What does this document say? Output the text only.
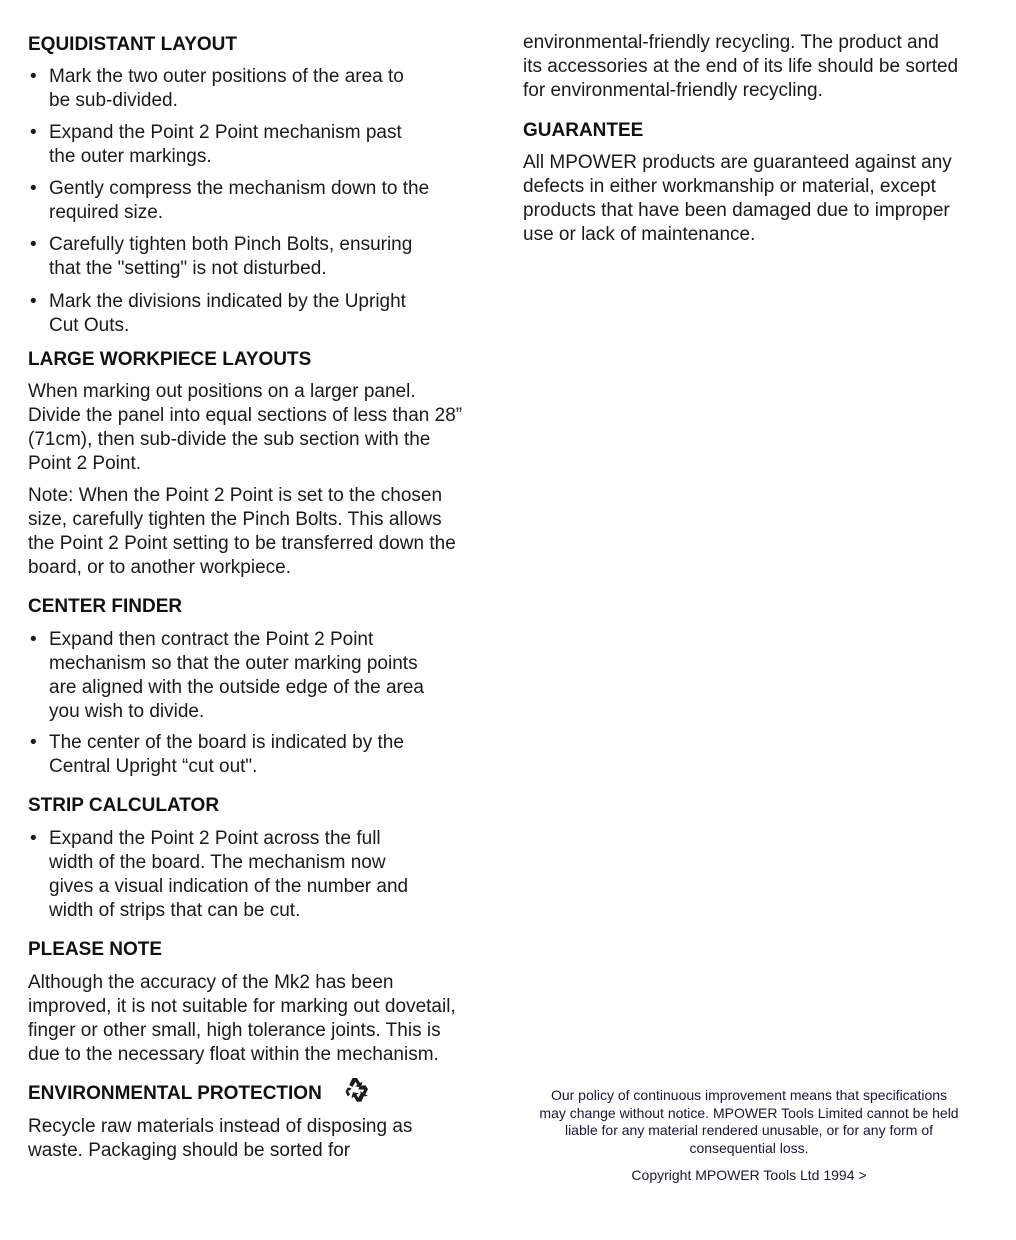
EQUIDISTANT LAYOUT
• Mark the two outer positions of the area to
be sub-divided.
• Expand the Point 2 Point mechanism past
the outer markings.
• Gently compress the mechanism down to the
required size.
• Carefully tighten both Pinch Bolts, ensuring
that the "setting" is not disturbed.
• Mark the divisions indicated by the Upright
Cut Outs.
LARGE WORKPIECE LAYOUTS
When marking out positions on a larger panel.
Divide the panel into equal sections of less than 28”
(71cm), then sub-divide the sub section with the
Point 2 Point.
Note: When the Point 2 Point is set to the chosen
size, carefully tighten the Pinch Bolts. This allows
the Point 2 Point setting to be transferred down the
board, or to another workpiece.
CENTER FINDER
• Expand then contract the Point 2 Point
mechanism so that the outer marking points
are aligned with the outside edge of the area
you wish to divide.
• The center of the board is indicated by the
Central Upright “cut out".
STRIP CALCULATOR
• Expand the Point 2 Point across the full
width of the board. The mechanism now
gives a visual indication of the number and
width of strips that can be cut.
PLEASE NOTE
Although the accuracy of the Mk2 has been
improved, it is not suitable for marking out dovetail,
finger or other small, high tolerance joints. This is
due to the necessary float within the mechanism.
ENVIRONMENTAL PROTECTION
Recycle raw materials instead of disposing as
waste. Packaging should be sorted for
environmental-friendly recycling. The product and
its accessories at the end of its life should be sorted
for environmental-friendly recycling.
GUARANTEE
All MPOWER products are guaranteed against any
defects in either workmanship or material, except
products that have been damaged due to improper
use or lack of maintenance.
Our policy of continuous improvement means that specifications
may change without notice. MPOWER Tools Limited cannot be held
liable for any material rendered unusable, or for any form of
consequential loss.
Copyright MPOWER Tools Ltd 1994 >
